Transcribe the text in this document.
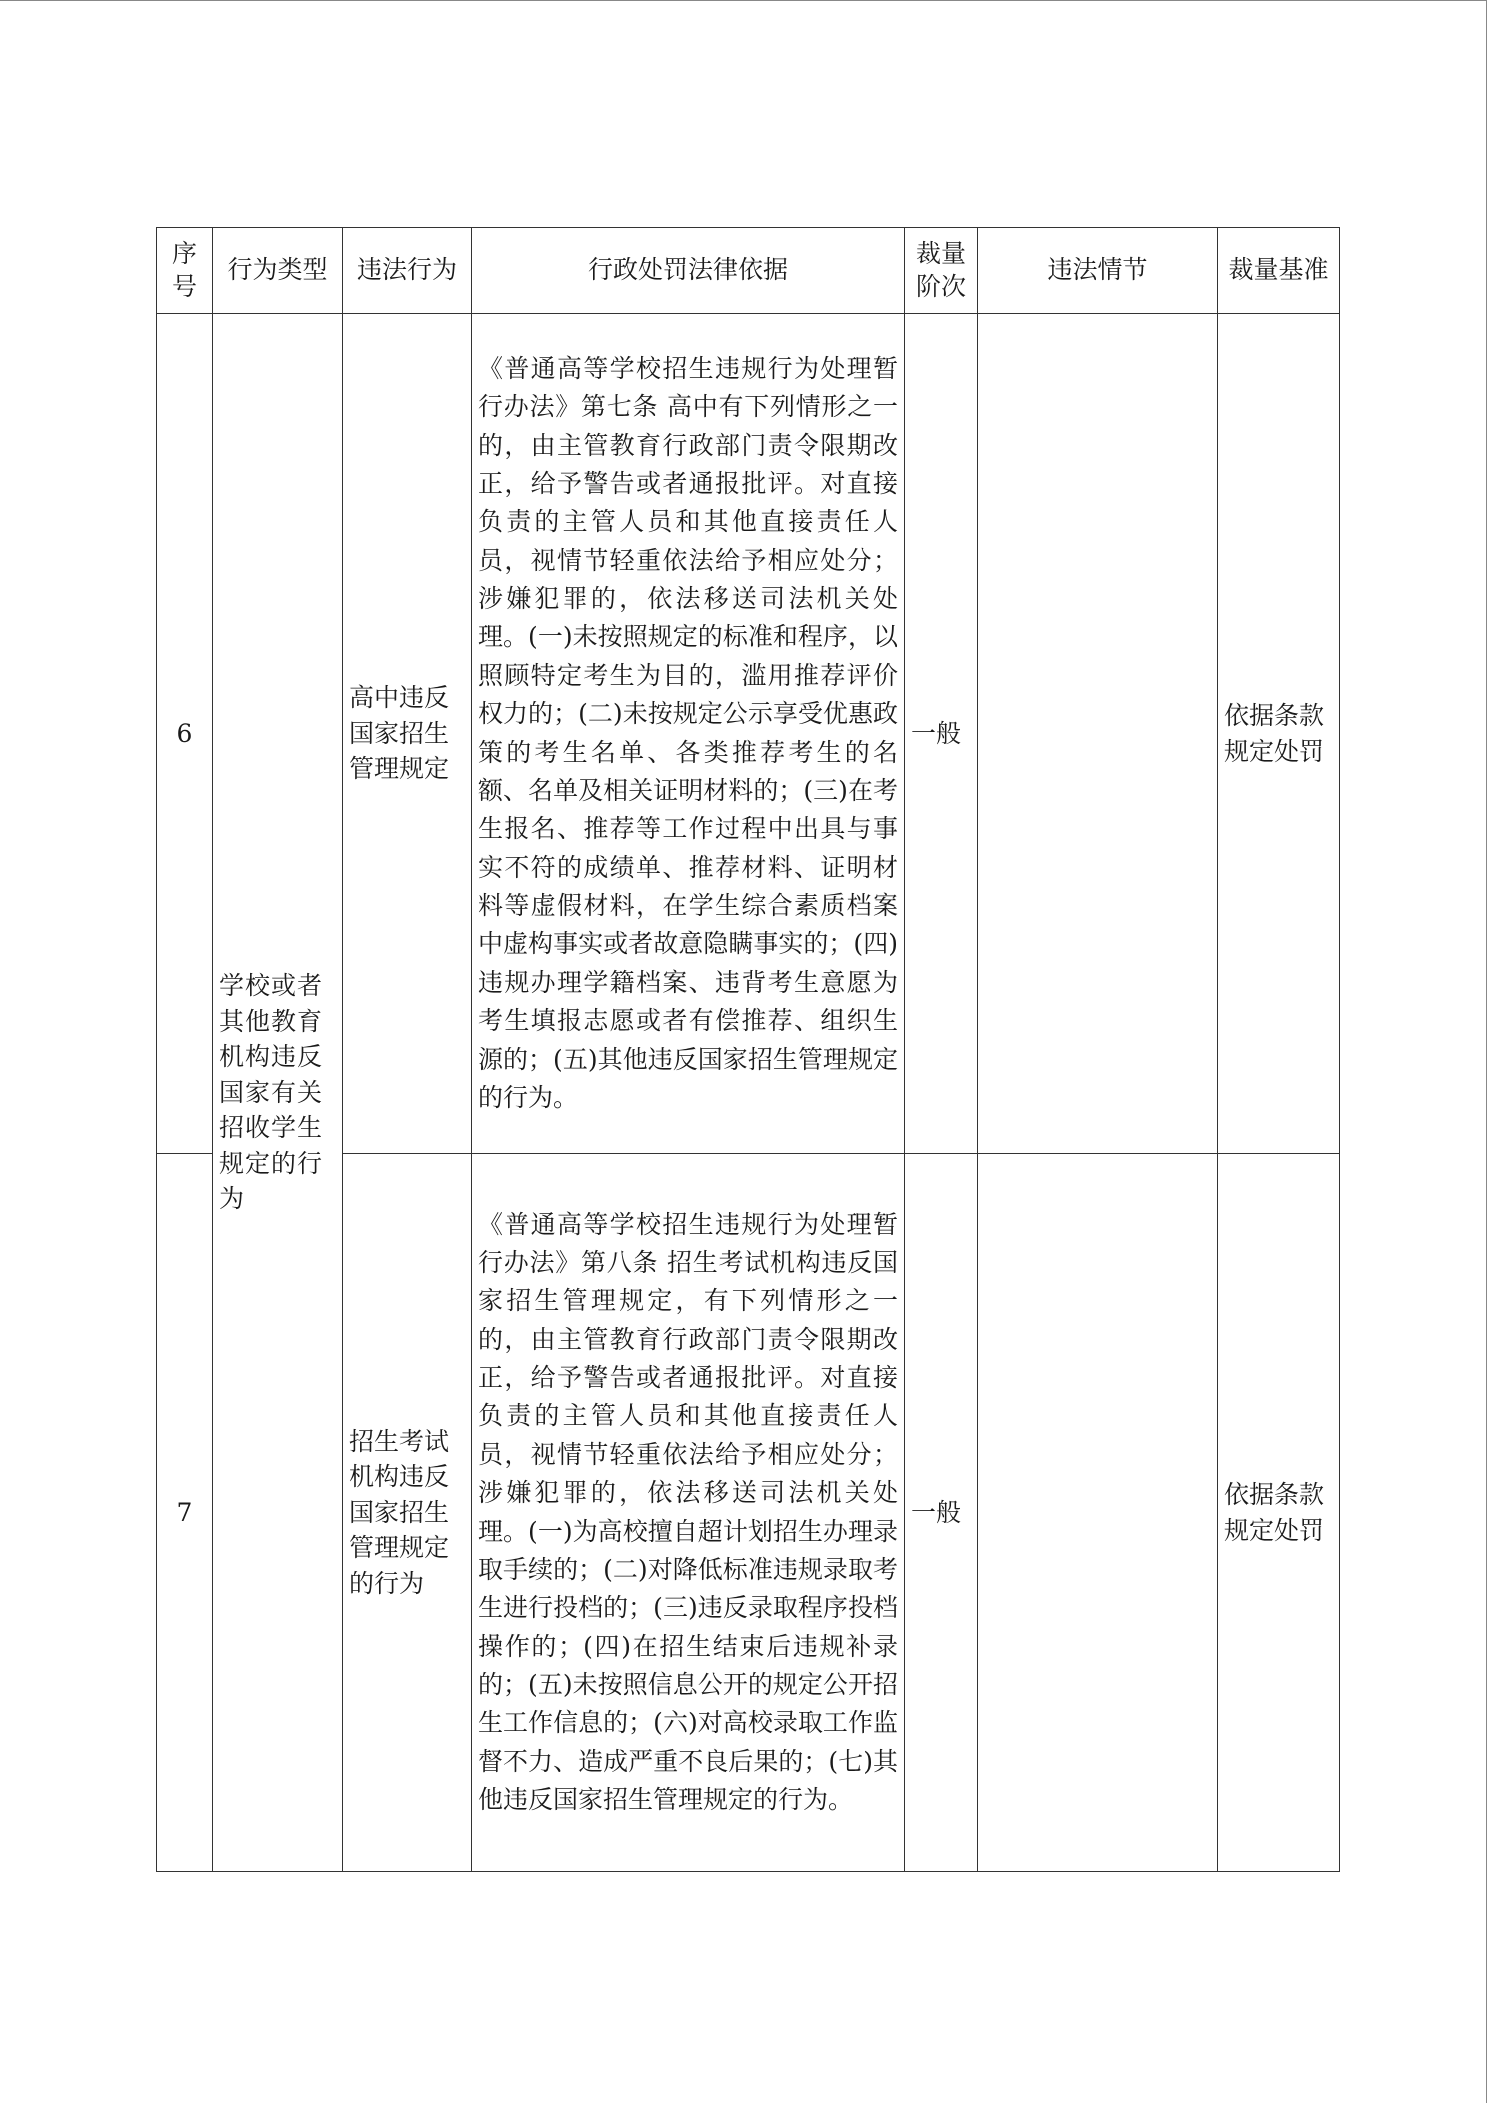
序号	行为类型	违法行为	行政处罚法律依据	裁量阶次	违法情节	裁量基准
6	学校或者其他教育机构违反国家有关招收学生规定的行为	高中违反国家招生管理规定	《普通高等学校招生违规行为处理暂行办法》第七条 高中有下列情形之一的，由主管教育行政部门责令限期改正，给予警告或者通报批评。对直接负责的主管人员和其他直接责任人员，视情节轻重依法给予相应处分；涉嫌犯罪的，依法移送司法机关处理。(一)未按照规定的标准和程序，以照顾特定考生为目的，滥用推荐评价权力的；(二)未按规定公示享受优惠政策的考生名单、各类推荐考生的名额、名单及相关证明材料的；(三)在考生报名、推荐等工作过程中出具与事实不符的成绩单、推荐材料、证明材料等虚假材料，在学生综合素质档案中虚构事实或者故意隐瞒事实的；(四)违规办理学籍档案、违背考生意愿为考生填报志愿或者有偿推荐、组织生源的；(五)其他违反国家招生管理规定的行为。	一般		依据条款规定处罚
7		招生考试机构违反国家招生管理规定的行为	《普通高等学校招生违规行为处理暂行办法》第八条 招生考试机构违反国家招生管理规定，有下列情形之一的，由主管教育行政部门责令限期改正，给予警告或者通报批评。对直接负责的主管人员和其他直接责任人员，视情节轻重依法给予相应处分；涉嫌犯罪的，依法移送司法机关处理。(一)为高校擅自超计划招生办理录取手续的；(二)对降低标准违规录取考生进行投档的；(三)违反录取程序投档操作的；(四)在招生结束后违规补录的；(五)未按照信息公开的规定公开招生工作信息的；(六)对高校录取工作监督不力、造成严重不良后果的；(七)其他违反国家招生管理规定的行为。	一般		依据条款规定处罚
